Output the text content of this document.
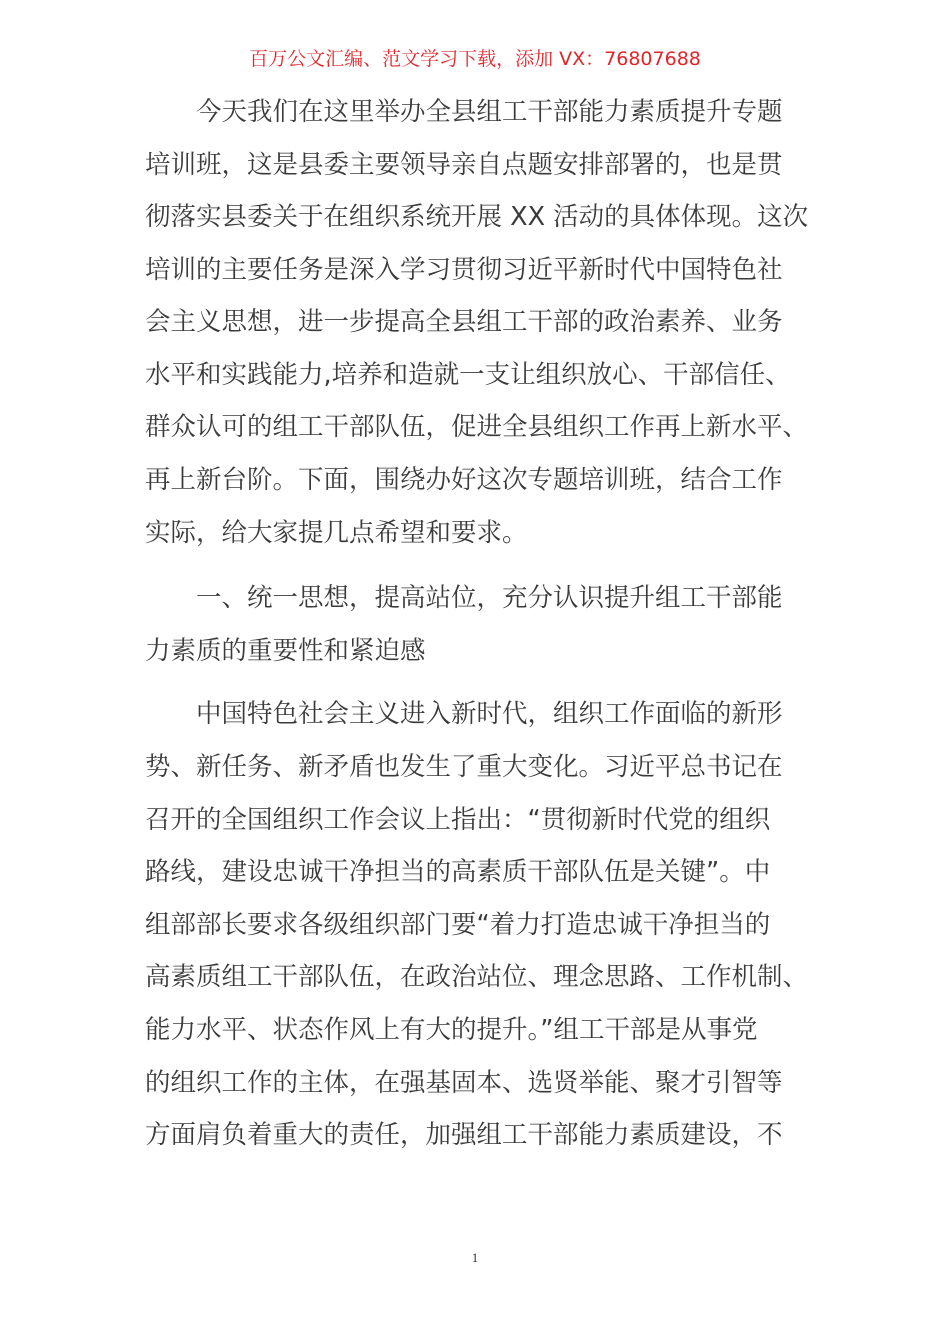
百万公文汇编、范文学习下载，添加 VX：76807688
今天我们在这里举办全县组工干部能力素质提升专题
培训班，这是县委主要领导亲自点题安排部署的，也是贯
彻落实县委关于在组织系统开展 XX 活动的具体体现。这次
培训的主要任务是深入学习贯彻习近平新时代中国特色社
会主义思想，进一步提高全县组工干部的政治素养、业务
水平和实践能力,培养和造就一支让组织放心、干部信任、
群众认可的组工干部队伍，促进全县组织工作再上新水平、
再上新台阶。下面，围绕办好这次专题培训班，结合工作
实际，给大家提几点希望和要求。
一、统一思想，提高站位，充分认识提升组工干部能
力素质的重要性和紧迫感
中国特色社会主义进入新时代，组织工作面临的新形
势、新任务、新矛盾也发生了重大变化。习近平总书记在
召开的全国组织工作会议上指出：“贯彻新时代党的组织
路线，建设忠诚干净担当的高素质干部队伍是关键”。中
组部部长要求各级组织部门要“着力打造忠诚干净担当的
高素质组工干部队伍，在政治站位、理念思路、工作机制、
能力水平、状态作风上有大的提升。”组工干部是从事党
的组织工作的主体，在强基固本、选贤举能、聚才引智等
方面肩负着重大的责任，加强组工干部能力素质建设，不
1
